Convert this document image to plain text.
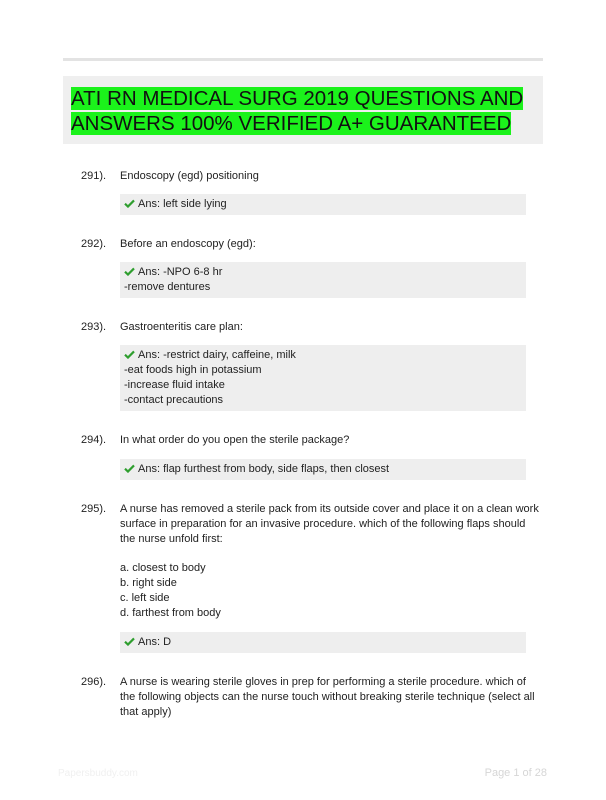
ATI RN MEDICAL SURG 2019 QUESTIONS AND ANSWERS 100% VERIFIED A+ GUARANTEED
291). Endoscopy (egd) positioning

Ans: left side lying
292). Before an endoscopy (egd):

Ans: -NPO 6-8 hr
-remove dentures
293). Gastroenteritis care plan:

Ans: -restrict dairy, caffeine, milk
-eat foods high in potassium
-increase fluid intake
-contact precautions
294). In what order do you open the sterile package?

Ans: flap furthest from body, side flaps, then closest
295). A nurse has removed a sterile pack from its outside cover and place it on a clean work surface in preparation for an invasive procedure. which of the following flaps should the nurse unfold first:

a. closest to body
b. right side
c. left side
d. farthest from body
Ans: D
296). A nurse is wearing sterile gloves in prep for performing a sterile procedure. which of the following objects can the nurse touch without breaking sterile technique (select all that apply)

Papersbuddy.com	Page 1 of 28
